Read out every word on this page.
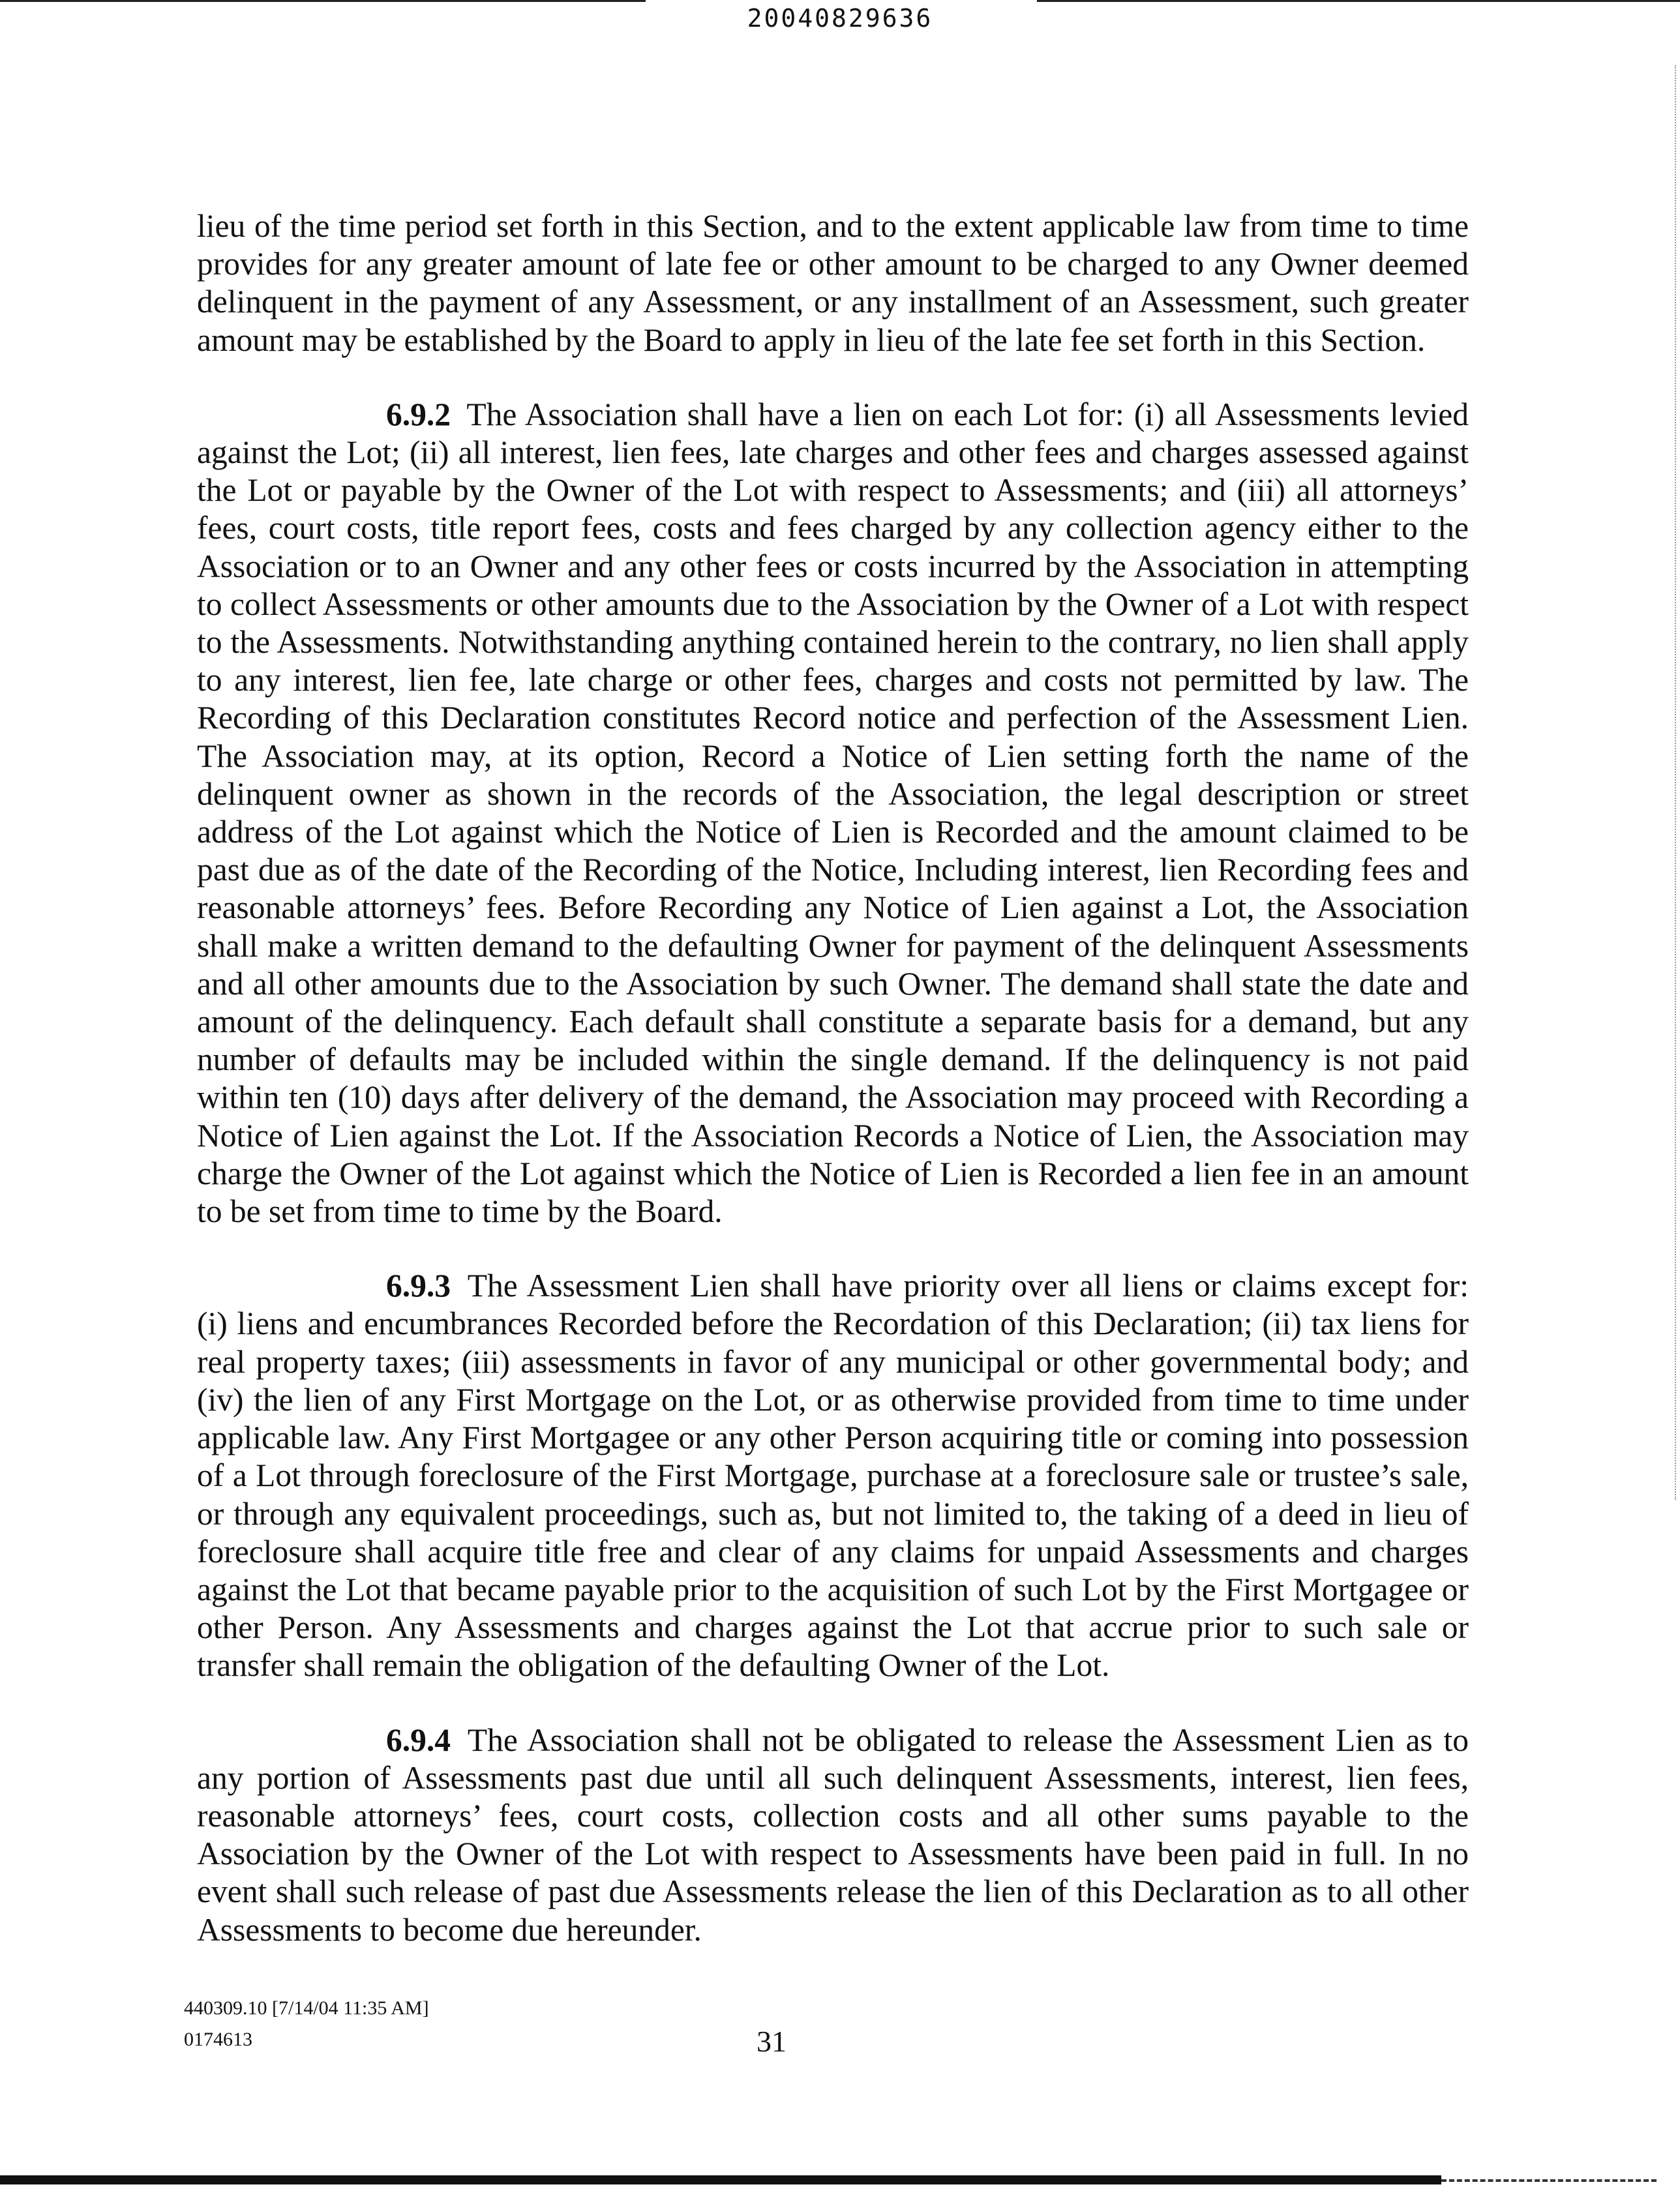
20040829636

lieu of the time period set forth in this Section, and to the extent applicable law from time to time provides for any greater amount of late fee or other amount to be charged to any Owner deemed delinquent in the payment of any Assessment, or any installment of an Assessment, such greater amount may be established by the Board to apply in lieu of the late fee set forth in this Section.

6.9.2 The Association shall have a lien on each Lot for: (i) all Assessments levied against the Lot; (ii) all interest, lien fees, late charges and other fees and charges assessed against the Lot or payable by the Owner of the Lot with respect to Assessments; and (iii) all attorneys’ fees, court costs, title report fees, costs and fees charged by any collection agency either to the Association or to an Owner and any other fees or costs incurred by the Association in attempting to collect Assessments or other amounts due to the Association by the Owner of a Lot with respect to the Assessments. Notwithstanding anything contained herein to the contrary, no lien shall apply to any interest, lien fee, late charge or other fees, charges and costs not permitted by law. The Recording of this Declaration constitutes Record notice and perfection of the Assessment Lien. The Association may, at its option, Record a Notice of Lien setting forth the name of the delinquent owner as shown in the records of the Association, the legal description or street address of the Lot against which the Notice of Lien is Recorded and the amount claimed to be past due as of the date of the Recording of the Notice, Including interest, lien Recording fees and reasonable attorneys’ fees. Before Recording any Notice of Lien against a Lot, the Association shall make a written demand to the defaulting Owner for payment of the delinquent Assessments and all other amounts due to the Association by such Owner. The demand shall state the date and amount of the delinquency. Each default shall constitute a separate basis for a demand, but any number of defaults may be included within the single demand. If the delinquency is not paid within ten (10) days after delivery of the demand, the Association may proceed with Recording a Notice of Lien against the Lot. If the Association Records a Notice of Lien, the Association may charge the Owner of the Lot against which the Notice of Lien is Recorded a lien fee in an amount to be set from time to time by the Board.

6.9.3 The Assessment Lien shall have priority over all liens or claims except for: (i) liens and encumbrances Recorded before the Recordation of this Declaration; (ii) tax liens for real property taxes; (iii) assessments in favor of any municipal or other governmental body; and (iv) the lien of any First Mortgage on the Lot, or as otherwise provided from time to time under applicable law. Any First Mortgagee or any other Person acquiring title or coming into possession of a Lot through foreclosure of the First Mortgage, purchase at a foreclosure sale or trustee’s sale, or through any equivalent proceedings, such as, but not limited to, the taking of a deed in lieu of foreclosure shall acquire title free and clear of any claims for unpaid Assessments and charges against the Lot that became payable prior to the acquisition of such Lot by the First Mortgagee or other Person. Any Assessments and charges against the Lot that accrue prior to such sale or transfer shall remain the obligation of the defaulting Owner of the Lot.

6.9.4 The Association shall not be obligated to release the Assessment Lien as to any portion of Assessments past due until all such delinquent Assessments, interest, lien fees, reasonable attorneys’ fees, court costs, collection costs and all other sums payable to the Association by the Owner of the Lot with respect to Assessments have been paid in full. In no event shall such release of past due Assessments release the lien of this Declaration as to all other Assessments to become due hereunder.

440309.10 [7/14/04 11:35 AM]
0174613	31
